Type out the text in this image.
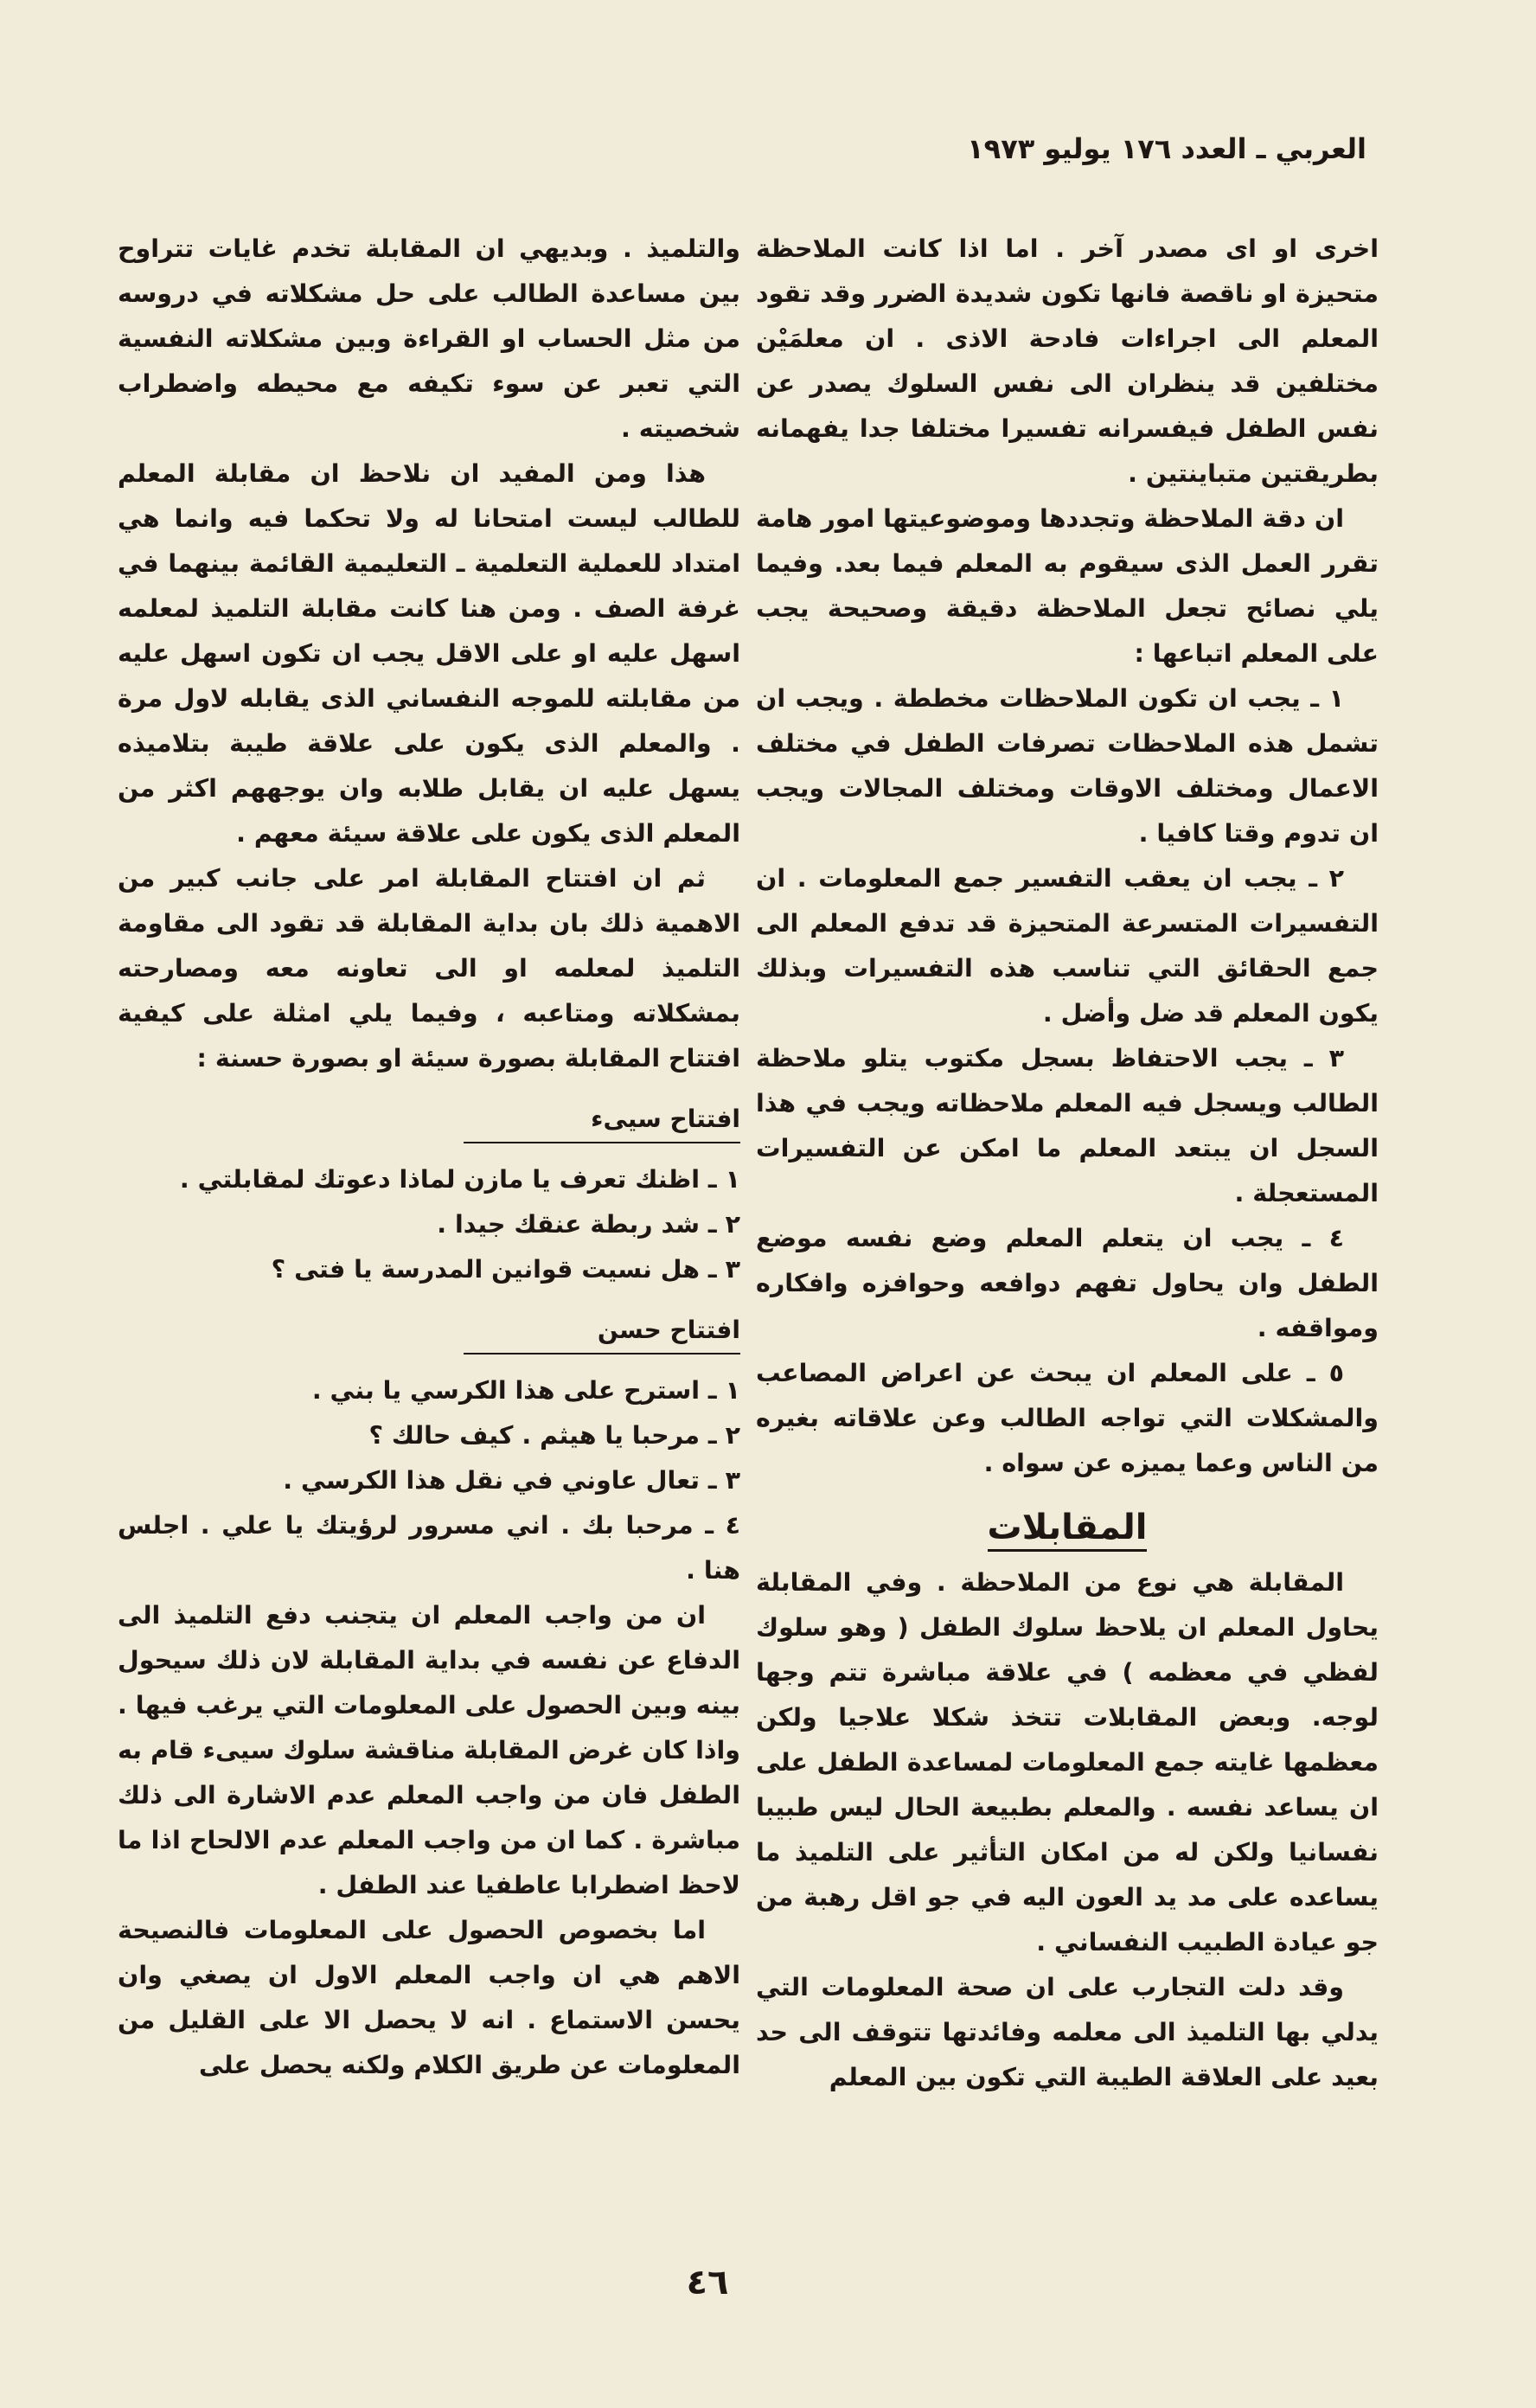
العربي ـ العدد ١٧٦ يوليو ١٩٧٣

اخرى او اى مصدر آخر . اما اذا كانت الملاحظة متحيزة او ناقصة فانها تكون شديدة الضرر وقد تقود المعلم الى اجراءات فادحة الاذى . ان معلمَيْن مختلفين قد ينظران الى نفس السلوك يصدر عن نفس الطفل فيفسرانه تفسيرا مختلفا جدا يفهمانه بطريقتين متباينتين .

ان دقة الملاحظة وتجددها وموضوعيتها امور هامة تقرر العمل الذى سيقوم به المعلم فيما بعد. وفيما يلي نصائح تجعل الملاحظة دقيقة وصحيحة يجب على المعلم اتباعها :

١ ـ يجب ان تكون الملاحظات مخططة . ويجب ان تشمل هذه الملاحظات تصرفات الطفل في مختلف الاعمال ومختلف الاوقات ومختلف المجالات ويجب ان تدوم وقتا كافيا .

٢ ـ يجب ان يعقب التفسير جمع المعلومات . ان التفسيرات المتسرعة المتحيزة قد تدفع المعلم الى جمع الحقائق التي تناسب هذه التفسيرات وبذلك يكون المعلم قد ضل وأضل .

٣ ـ يجب الاحتفاظ بسجل مكتوب يتلو ملاحظة الطالب ويسجل فيه المعلم ملاحظاته ويجب في هذا السجل ان يبتعد المعلم ما امكن عن التفسيرات المستعجلة .

٤ ـ يجب ان يتعلم المعلم وضع نفسه موضع الطفل وان يحاول تفهم دوافعه وحوافزه وافكاره ومواقفه .

٥ ـ على المعلم ان يبحث عن اعراض المصاعب والمشكلات التي تواجه الطالب وعن علاقاته بغيره من الناس وعما يميزه عن سواه .

المقابلات

المقابلة هي نوع من الملاحظة . وفي المقابلة يحاول المعلم ان يلاحظ سلوك الطفل ( وهو سلوك لفظي في معظمه ) في علاقة مباشرة تتم وجها لوجه. وبعض المقابلات تتخذ شكلا علاجيا ولكن معظمها غايته جمع المعلومات لمساعدة الطفل على ان يساعد نفسه . والمعلم بطبيعة الحال ليس طبيبا نفسانيا ولكن له من امكان التأثير على التلميذ ما يساعده على مد يد العون اليه في جو اقل رهبة من جو عيادة الطبيب النفساني .

وقد دلت التجارب على ان صحة المعلومات التي يدلي بها التلميذ الى معلمه وفائدتها تتوقف الى حد بعيد على العلاقة الطيبة التي تكون بين المعلم

والتلميذ . وبديهي ان المقابلة تخدم غايات تتراوح بين مساعدة الطالب على حل مشكلاته في دروسه من مثل الحساب او القراءة وبين مشكلاته النفسية التي تعبر عن سوء تكيفه مع محيطه واضطراب شخصيته .

هذا ومن المفيد ان نلاحظ ان مقابلة المعلم للطالب ليست امتحانا له ولا تحكما فيه وانما هي امتداد للعملية التعلمية ـ التعليمية القائمة بينهما في غرفة الصف . ومن هنا كانت مقابلة التلميذ لمعلمه اسهل عليه او على الاقل يجب ان تكون اسهل عليه من مقابلته للموجه النفساني الذى يقابله لاول مرة . والمعلم الذى يكون على علاقة طيبة بتلاميذه يسهل عليه ان يقابل طلابه وان يوجههم اكثر من المعلم الذى يكون على علاقة سيئة معهم .

ثم ان افتتاح المقابلة امر على جانب كبير من الاهمية ذلك بان بداية المقابلة قد تقود الى مقاومة التلميذ لمعلمه او الى تعاونه معه ومصارحته بمشكلاته ومتاعبه ، وفيما يلي امثلة على كيفية افتتاح المقابلة بصورة سيئة او بصورة حسنة :

افتتاح سيىء

١ ـ اظنك تعرف يا مازن لماذا دعوتك لمقابلتي .

٢ ـ شد ربطة عنقك جيدا .

٣ ـ هل نسيت قوانين المدرسة يا فتى ؟

افتتاح حسن

١ ـ استرح على هذا الكرسي يا بني .

٢ ـ مرحبا يا هيثم . كيف حالك ؟

٣ ـ تعال عاوني في نقل هذا الكرسي .

٤ ـ مرحبا بك . اني مسرور لرؤيتك يا علي . اجلس هنا .

ان من واجب المعلم ان يتجنب دفع التلميذ الى الدفاع عن نفسه في بداية المقابلة لان ذلك سيحول بينه وبين الحصول على المعلومات التي يرغب فيها . واذا كان غرض المقابلة مناقشة سلوك سيىء قام به الطفل فان من واجب المعلم عدم الاشارة الى ذلك مباشرة . كما ان من واجب المعلم عدم الالحاح اذا ما لاحظ اضطرابا عاطفيا عند الطفل .

اما بخصوص الحصول على المعلومات فالنصيحة الاهم هي ان واجب المعلم الاول ان يصغي وان يحسن الاستماع . انه لا يحصل الا على القليل من المعلومات عن طريق الكلام ولكنه يحصل على

٤٦
